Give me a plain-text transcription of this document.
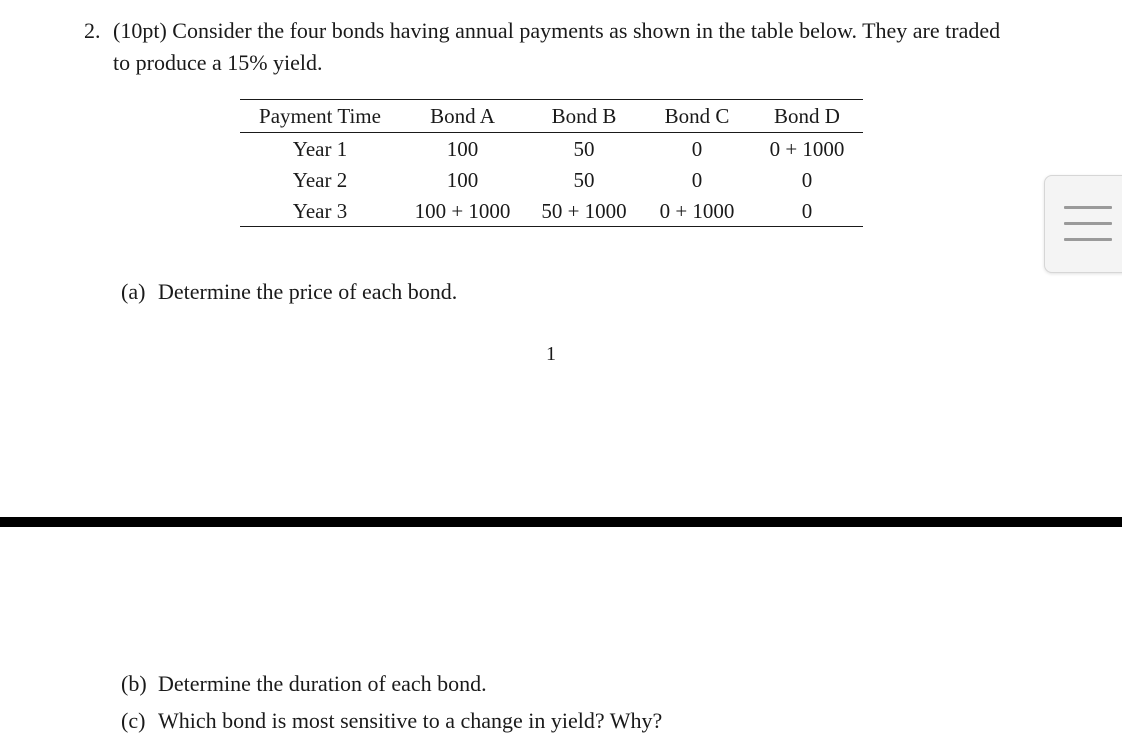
2. (10pt) Consider the four bonds having annual payments as shown in the table below. They are traded
to produce a 15% yield.
Payment Time	Bond A	Bond B	Bond C	Bond D
Year 1	100	50	0	0 + 1000
Year 2	100	50	0	0
Year 3	100 + 1000	50 + 1000	0 + 1000	0
(a) Determine the price of each bond.
1
(b) Determine the duration of each bond.
(c) Which bond is most sensitive to a change in yield? Why?
